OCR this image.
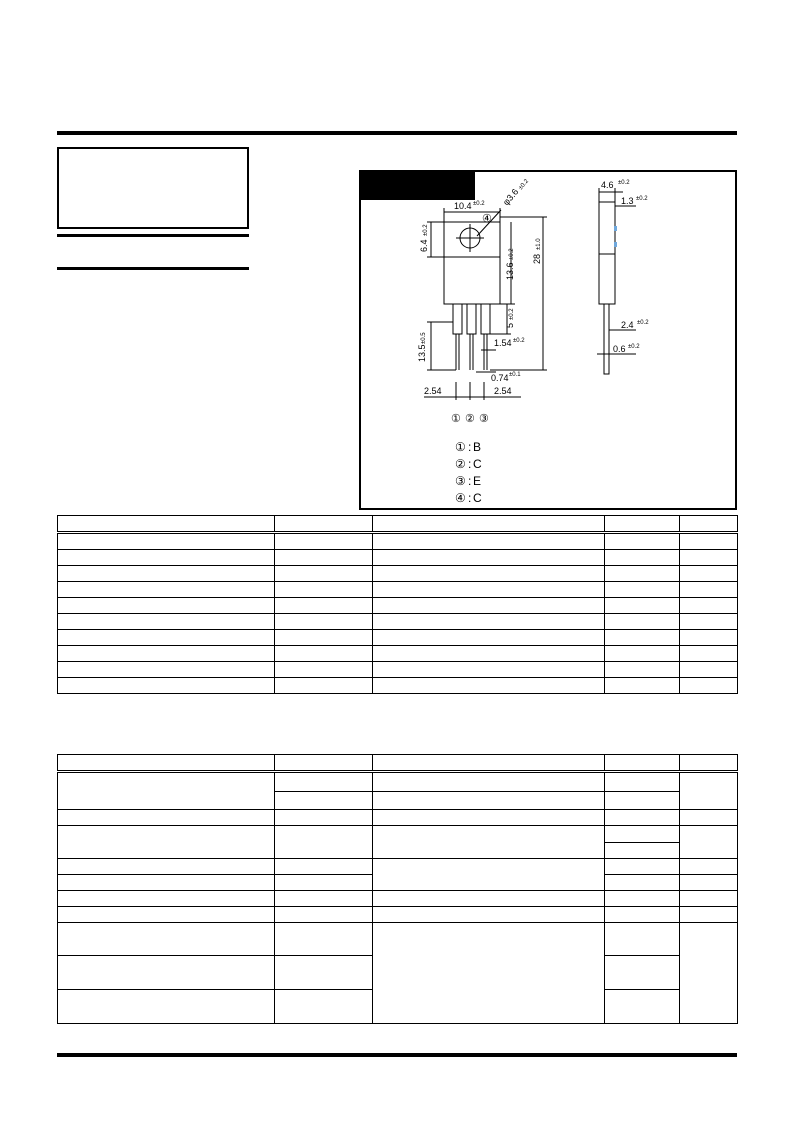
10.4 ±0.2 φ3.6
±0.2
6.4
±0.2
13.6
±0.2 28
±1.0
5
±0.2
13.5
±0.5	1.54 ±0.2
0.74 ±0.1
2.54	2.54
4.6 ±0.2
1.3 ±0.2
2.4 ±0.2
0.6 ±0.2
④
① ② ③
① : B
② : C
③ : E
④ : C
